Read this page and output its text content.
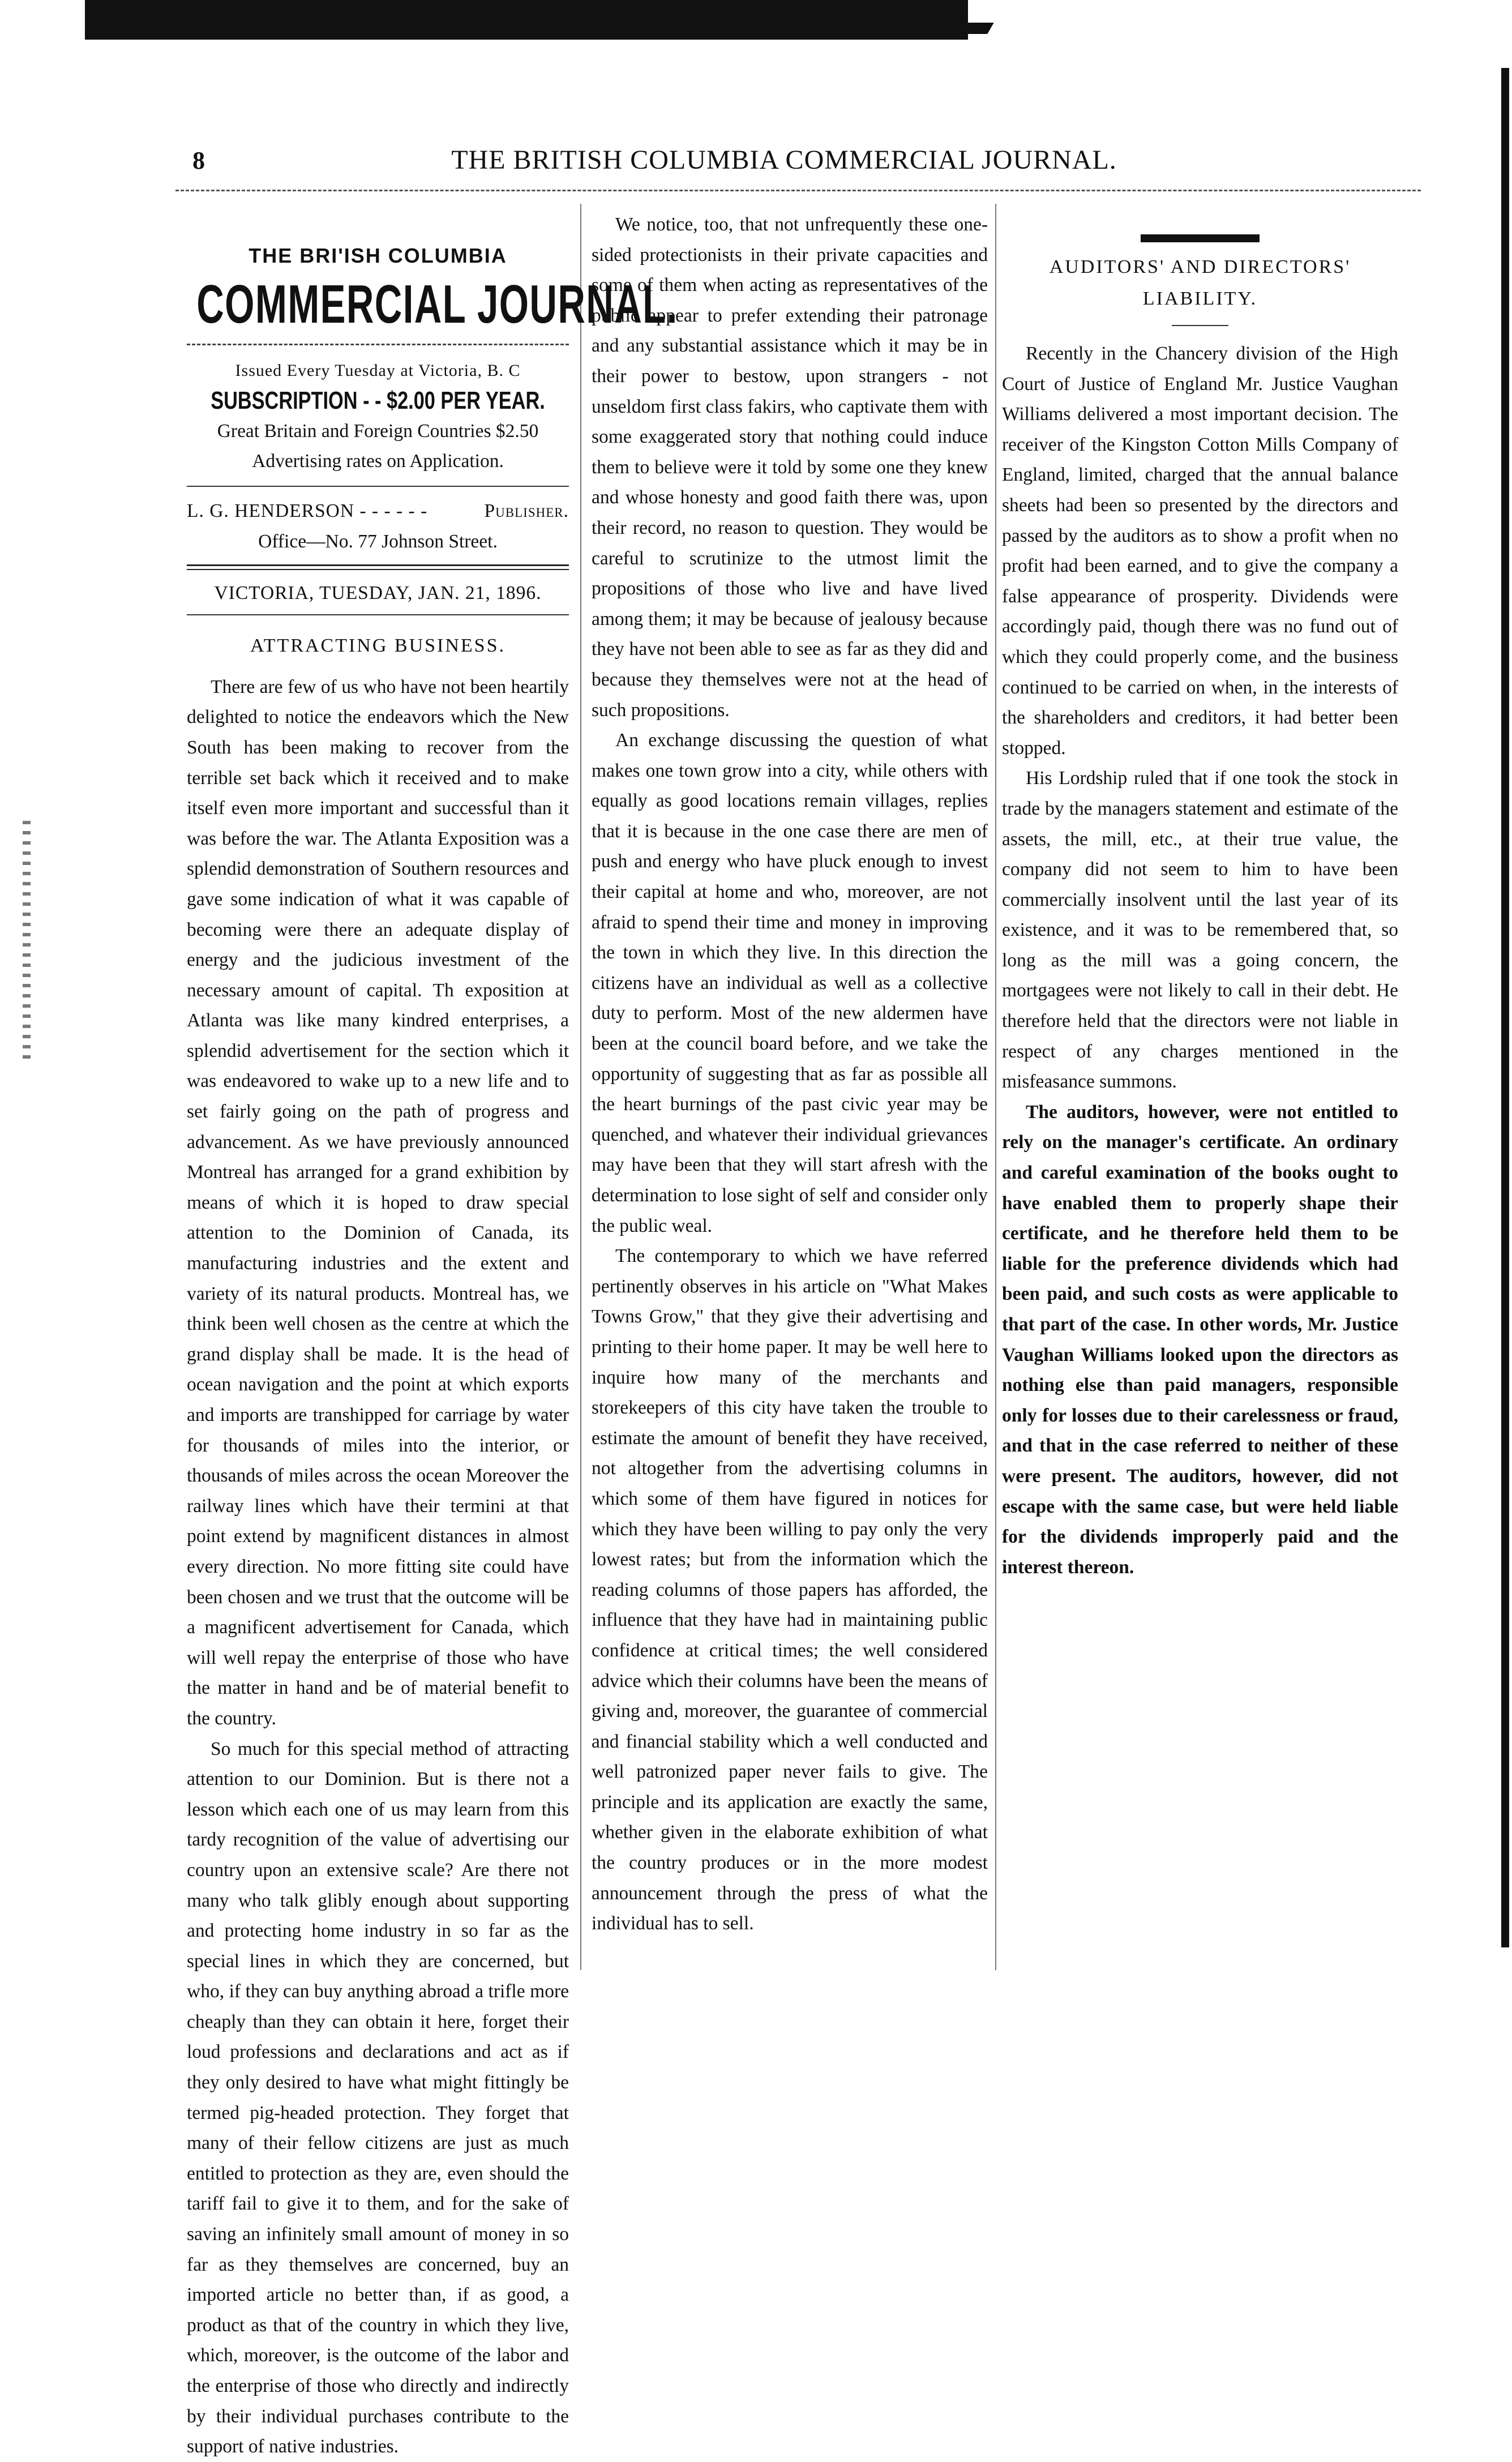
8	THE BRITISH COLUMBIA COMMERCIAL JOURNAL.
THE BRI'ISH COLUMBIA
COMMERCIAL JOURNAL.
Issued Every Tuesday at Victoria, B. C
SUBSCRIPTION - - $2.00 PER YEAR.
Great Britain and Foreign Countries $2.50
Advertising rates on Application.
L. G. HENDERSON - - - - - -	Publisher.
Office—No. 77 Johnson Street.
VICTORIA, TUESDAY, JAN. 21, 1896.
ATTRACTING BUSINESS.

There are few of us who have not been heartily delighted to notice the endeavors which the New South has been making to recover from the terrible set back which it received and to make itself even more important and successful than it was before the war. The Atlanta Exposition was a splendid demonstration of Southern resources and gave some indication of what it was capable of becoming were there an adequate display of energy and the judicious investment of the necessary amount of capital. Th exposition at Atlanta was like many kindred enterprises, a splendid advertisement for the section which it was endeavored to wake up to a new life and to set fairly going on the path of progress and advancement. As we have previously announced Montreal has arranged for a grand exhibition by means of which it is hoped to draw special attention to the Dominion of Canada, its manufacturing industries and the extent and variety of its natural products. Montreal has, we think been well chosen as the centre at which the grand display shall be made. It is the head of ocean navigation and the point at which exports and imports are transhipped for carriage by water for thousands of miles into the interior, or thousands of miles across the ocean Moreover the railway lines which have their termini at that point extend by magnificent distances in almost every direction. No more fitting site could have been chosen and we trust that the outcome will be a magnificent advertisement for Canada, which will well repay the enterprise of those who have the matter in hand and be of material benefit to the country.

So much for this special method of attracting attention to our Dominion. But is there not a lesson which each one of us may learn from this tardy recognition of the value of advertising our country upon an extensive scale? Are there not many who talk glibly enough about supporting and protecting home industry in so far as the special lines in which they are concerned, but who, if they can buy anything abroad a trifle more cheaply than they can obtain it here, forget their loud professions and declarations and act as if they only desired to have what might fittingly be termed pig-headed protection. They forget that many of their fellow citizens are just as much entitled to protection as they are, even should the tariff fail to give it to them, and for the sake of saving an infinitely small amount of money in so far as they themselves are concerned, buy an imported article no better than, if as good, a product as that of the country in which they live, which, moreover, is the outcome of the labor and the enterprise of those who directly and indirectly by their individual purchases contribute to the support of native industries.

We notice, too, that not unfrequently these one-sided protectionists in their private capacities and some of them when acting as representatives of the public appear to prefer extending their patronage and any substantial assistance which it may be in their power to bestow, upon strangers - not unseldom first class fakirs, who captivate them with some exaggerated story that nothing could induce them to believe were it told by some one they knew and whose honesty and good faith there was, upon their record, no reason to question. They would be careful to scrutinize to the utmost limit the propositions of those who live and have lived among them; it may be because of jealousy because they have not been able to see as far as they did and because they themselves were not at the head of such propositions.

An exchange discussing the question of what makes one town grow into a city, while others with equally as good locations remain villages, replies that it is because in the one case there are men of push and energy who have pluck enough to invest their capital at home and who, moreover, are not afraid to spend their time and money in improving the town in which they live. In this direction the citizens have an individual as well as a collective duty to perform. Most of the new aldermen have been at the council board before, and we take the opportunity of suggesting that as far as possible all the heart burnings of the past civic year may be quenched, and whatever their individual grievances may have been that they will start afresh with the determination to lose sight of self and consider only the public weal.

The contemporary to which we have referred pertinently observes in his article on "What Makes Towns Grow," that they give their advertising and printing to their home paper. It may be well here to inquire how many of the merchants and storekeepers of this city have taken the trouble to estimate the amount of benefit they have received, not altogether from the advertising columns in which some of them have figured in notices for which they have been willing to pay only the very lowest rates; but from the information which the reading columns of those papers has afforded, the influence that they have had in maintaining public confidence at critical times; the well considered advice which their columns have been the means of giving and, moreover, the guarantee of commercial and financial stability which a well conducted and well patronized paper never fails to give. The principle and its application are exactly the same, whether given in the elaborate exhibition of what the country produces or in the more modest announcement through the press of what the individual has to sell.

AUDITORS' AND DIRECTORS' LIABILITY.

Recently in the Chancery division of the High Court of Justice of England Mr. Justice Vaughan Williams delivered a most important decision. The receiver of the Kingston Cotton Mills Company of England, limited, charged that the annual balance sheets had been so presented by the directors and passed by the auditors as to show a profit when no profit had been earned, and to give the company a false appearance of prosperity. Dividends were accordingly paid, though there was no fund out of which they could properly come, and the business continued to be carried on when, in the interests of the shareholders and creditors, it had better been stopped.

His Lordship ruled that if one took the stock in trade by the managers statement and estimate of the assets, the mill, etc., at their true value, the company did not seem to him to have been commercially insolvent until the last year of its existence, and it was to be remembered that, so long as the mill was a going concern, the mortgagees were not likely to call in their debt. He therefore held that the directors were not liable in respect of any charges mentioned in the misfeasance summons.

The auditors, however, were not entitled to rely on the manager's certificate. An ordinary and careful examination of the books ought to have enabled them to properly shape their certificate, and he therefore held them to be liable for the preference dividends which had been paid, and such costs as were applicable to that part of the case. In other words, Mr. Justice Vaughan Williams looked upon the directors as nothing else than paid managers, responsible only for losses due to their carelessness or fraud, and that in the case referred to neither of these were present. The auditors, however, did not escape with the same case, but were held liable for the dividends improperly paid and the interest thereon.
